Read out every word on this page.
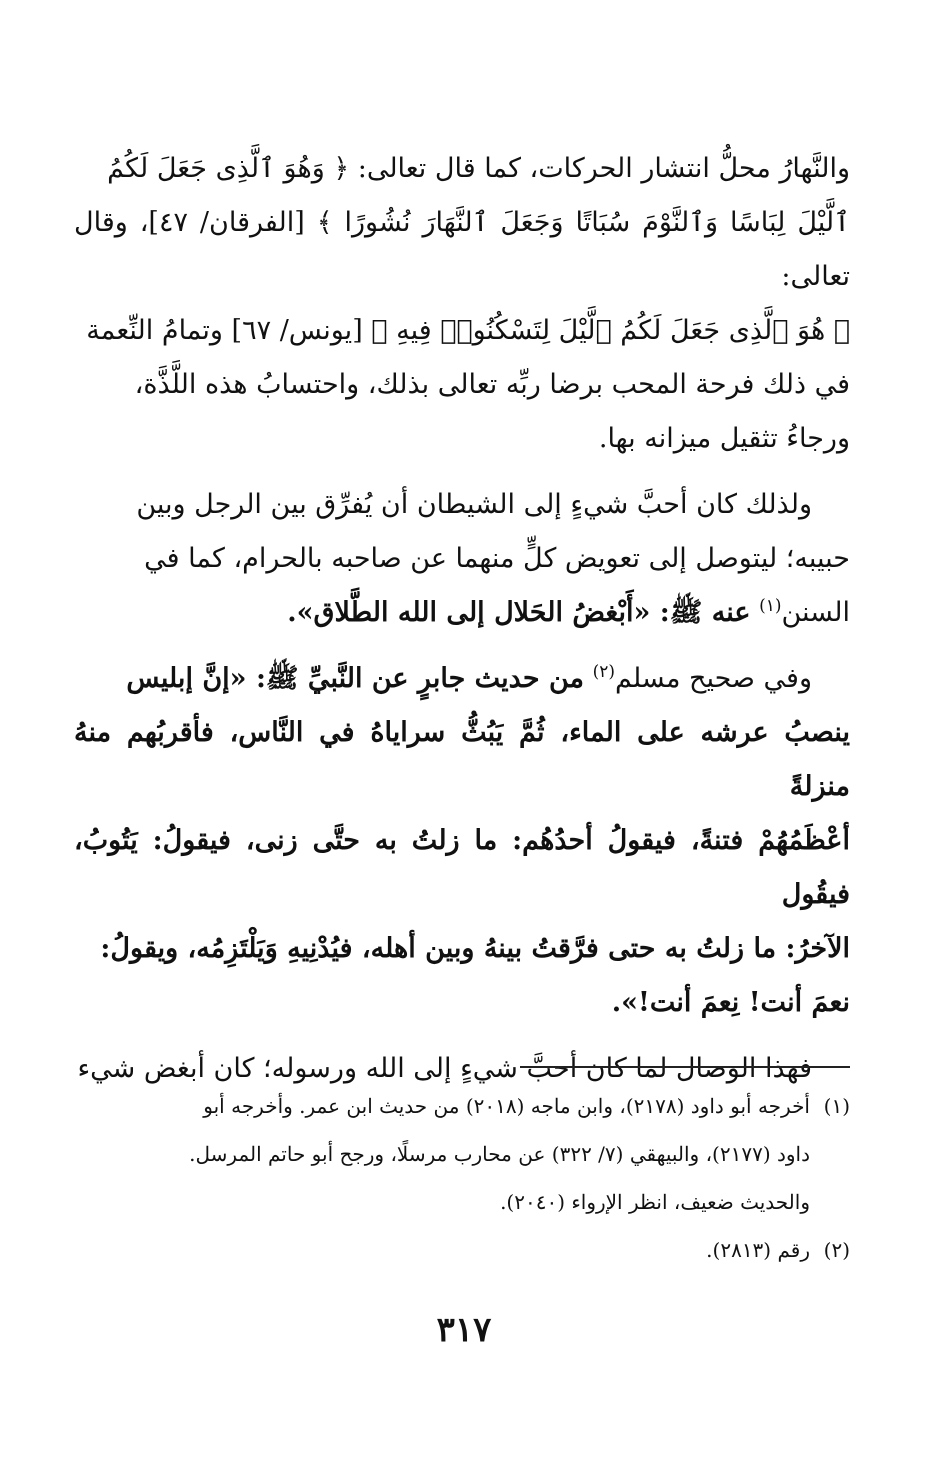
والنَّهارُ محلُّ انتشار الحركات، كما قال تعالى: ﴿ وَهُوَ ٱلَّذِى جَعَلَ لَكُمُ

ٱلَّيْلَ لِبَاسًا وَٱلنَّوْمَ سُبَاتًا وَجَعَلَ ٱلنَّهَارَ نُشُورًا ﴾ [الفرقان/ ٤٧]، وقال تعالى:

﴿ هُوَ ٱلَّذِى جَعَلَ لَكُمُ ٱلَّيْلَ لِتَسْكُنُوا۟ فِيهِ ﴾ [يونس/ ٦٧] وتمامُ النِّعمة

في ذلك فرحة المحب برضا ربِّه تعالى بذلك، واحتسابُ هذه اللَّذَّة،

ورجاءُ تثقيل ميزانه بها.

ولذلك كان أحبَّ شيءٍ إلى الشيطان أن يُفرِّق بين الرجل وبين

حبيبه؛ ليتوصل إلى تعويض كلٍّ منهما عن صاحبه بالحرام، كما في

السنن$^{(١)}$ عنه ﷺ: «أَبْغضُ الحَلال إلى الله الطَّلاق».

وفي صحيح مسلم$^{(٢)}$ من حديث جابرٍ عن النَّبيِّ ﷺ: «إنَّ إبليس

ينصبُ عرشه على الماء، ثُمَّ يَبُثُّ سراياهُ في النَّاس، فأقربُهم منهُ منزلةً

أعْظَمُهُمْ فتنةً، فيقولُ أحدُهُم: ما زلتُ به حتَّى زنى، فيقولُ: يَتُوبُ، فيقُول

الآخرُ: ما زلتُ به حتى فرَّقتُ بينهُ وبين أهله، فيُدْنِيهِ وَيَلْتَزِمُه، ويقولُ:

نعمَ أنت! نِعمَ أنت!».

فهذا الوصال لما كان أحبَّ شيءٍ إلى الله ورسوله؛ كان أبغض شيء

(١)أخرجه أبو داود (٢١٧٨)، وابن ماجه (٢٠١٨) من حديث ابن عمر. وأخرجه أبو

داود (٢١٧٧)، والبيهقي (٧/ ٣٢٢) عن محارب مرسلًا، ورجح أبو حاتم المرسل.

والحديث ضعيف، انظر الإرواء (٢٠٤٠).

(٢)رقم (٢٨١٣).

٣١٧
